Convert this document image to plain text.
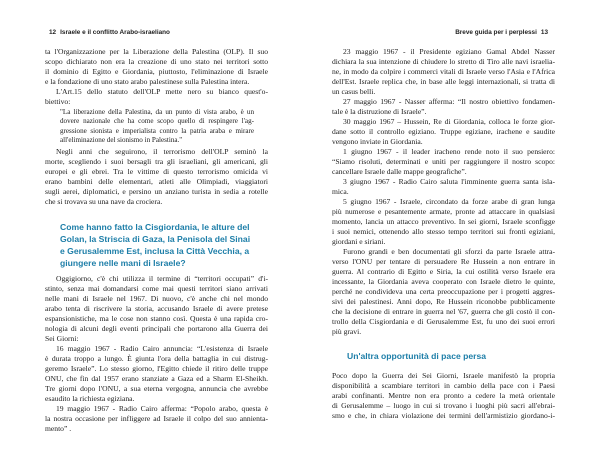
12 Israele e il conflitto Arabo-israeliano
ta l'Organizzazione per la Liberazione della Palestina (OLP). Il suo
scopo dichiarato non era la creazione di uno stato nei territori sotto
il dominio di Egitto e Giordania, piuttosto, l'eliminazione di Israele
e la fondazione di uno stato arabo palestinese sulla Palestina intera.
L'Art.15 dello statuto dell'OLP mette nero su bianco quest'o-
biettivo:
"La liberazione della Palestina, da un punto di vista arabo, è un
dovere nazionale che ha come scopo quello di respingere l'ag-
gressione sionista e imperialista contro la patria araba e mirare
all'eliminazione del sionismo in Palestina."
Negli anni che seguirono, il terrorismo dell'OLP seminò la
morte, scegliendo i suoi bersagli tra gli israeliani, gli americani, gli
europei e gli ebrei. Tra le vittime di questo terrorismo omicida vi
erano bambini delle elementari, atleti alle Olimpiadi, viaggiatori
sugli aerei, diplomatici, e persino un anziano turista in sedia a rotelle
che si trovava su una nave da crociera.
Come hanno fatto la Cisgiordania, le alture del
Golan, la Striscia di Gaza, la Penisola del Sinai
e Gerusalemme Est, inclusa la Città Vecchia, a
giungere nelle mani di Israele?
Oggigiorno, c'è chi utilizza il termine di “territori occupati” d'i-
stinto, senza mai domandarsi come mai questi territori siano arrivati
nelle mani di Israele nel 1967. Di nuovo, c'è anche chi nel mondo
arabo tenta di riscrivere la storia, accusando Israele di avere pretese
espansionistiche, ma le cose non stanno così. Questa è una rapida cro-
nologia di alcuni degli eventi principali che portarono alla Guerra dei
Sei Giorni:
16 maggio 1967 - Radio Cairo annuncia: “L'esistenza di Israele
è durata troppo a lungo. È giunta l'ora della battaglia in cui distrug-
geremo Israele”. Lo stesso giorno, l'Egitto chiede il ritiro delle truppe
ONU, che fin dal 1957 erano stanziate a Gaza ed a Sharm El-Sheikh.
Tre giorni dopo l'ONU, a sua eterna vergogna, annuncia che avrebbe
esaudito la richiesta egiziana.
19 maggio 1967 - Radio Cairo afferma: “Popolo arabo, questa è
la nostra occasione per infliggere ad Israele il colpo del suo annienta-
mento” .
Breve guida per i perplessi 13
23 maggio 1967 - il Presidente egiziano Gamal Abdel Nasser
dichiara la sua intenzione di chiudere lo stretto di Tiro alle navi israelia-
ne, in modo da colpire i commerci vitali di Israele verso l'Asia e l'Africa
dell'Est. Israele replica che, in base alle leggi internazionali, si tratta di
un casus belli.
27 maggio 1967 - Nasser afferma: “Il nostro obiettivo fondamen-
tale è la distruzione di Israele”.
30 maggio 1967 – Hussein, Re di Giordania, colloca le forze gior-
dane sotto il controllo egiziano. Truppe egiziane, irachene e saudite
vengono inviate in Giordania.
1 giugno 1967 - il leader iracheno rende noto il suo pensiero:
“Siamo risoluti, determinati e uniti per raggiungere il nostro scopo:
cancellare Israele dalle mappe geografiche”.
3 giugno 1967 - Radio Cairo saluta l'imminente guerra santa isla-
mica.
5 giugno 1967 - Israele, circondato da forze arabe di gran lunga
più numerose e pesantemente armate, pronte ad attaccare in qualsiasi
momento, lancia un attacco preventivo. In sei giorni, Israele sconfigge
i suoi nemici, ottenendo allo stesso tempo territori sui fronti egiziani,
giordani e siriani.
Furono grandi e ben documentati gli sforzi da parte Israele attra-
verso l'ONU per tentare di persuadere Re Hussein a non entrare in
guerra. Al contrario di Egitto e Siria, la cui ostilità verso Israele era
incessante, la Giordania aveva cooperato con Israele dietro le quinte,
perché ne condivideva una certa preoccupazione per i progetti aggres-
sivi dei palestinesi. Anni dopo, Re Hussein riconobbe pubblicamente
che la decisione di entrare in guerra nel '67, guerra che gli costò il con-
trollo della Cisgiordania e di Gerusalemme Est, fu uno dei suoi errori
più gravi.
Un'altra opportunità di pace persa
Poco dopo la Guerra dei Sei Giorni, Israele manifestò la propria
disponibilità a scambiare territori in cambio della pace con i Paesi
arabi confinanti. Mentre non era pronto a cedere la metà orientale
di Gerusalemme – luogo in cui si trovano i luoghi più sacri all'ebrai-
smo e che, in chiara violazione dei termini dell'armistizio giordano-i-
